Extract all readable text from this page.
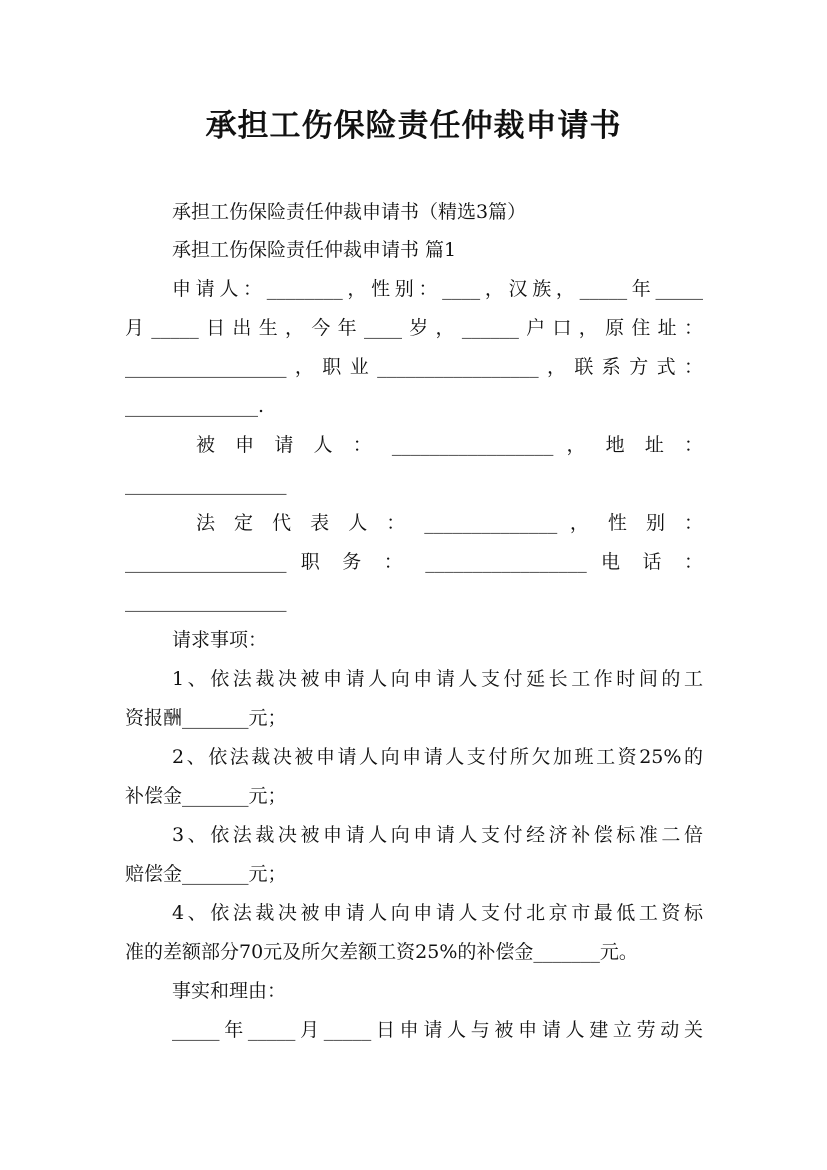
承担工伤保险责任仲裁申请书
承担工伤保险责任仲裁申请书（精选3篇）
承担工伤保险责任仲裁申请书 篇1
申请人：________，性别：____，汉族，_____年_____
月_____日出生，今年____岁，______户口，原住址：
_________________，职业_________________，联系方式：
______________.
被 申 请 人 ： _________________ ， 地 址 ：
_________________
法 定 代 表 人 ： ______________ ， 性 别 ：
_________________ 职 务 ： _________________ 电 话 ：
_________________
请求事项：
1、依法裁决被申请人向申请人支付延长工作时间的工
资报酬_______元；
2、依法裁决被申请人向申请人支付所欠加班工资25%的
补偿金_______元；
3、依法裁决被申请人向申请人支付经济补偿标准二倍
赔偿金_______元；
4、依法裁决被申请人向申请人支付北京市最低工资标
准的差额部分70元及所欠差额工资25%的补偿金_______元。
事实和理由：
_____年_____月_____日申请人与被申请人建立劳动关
